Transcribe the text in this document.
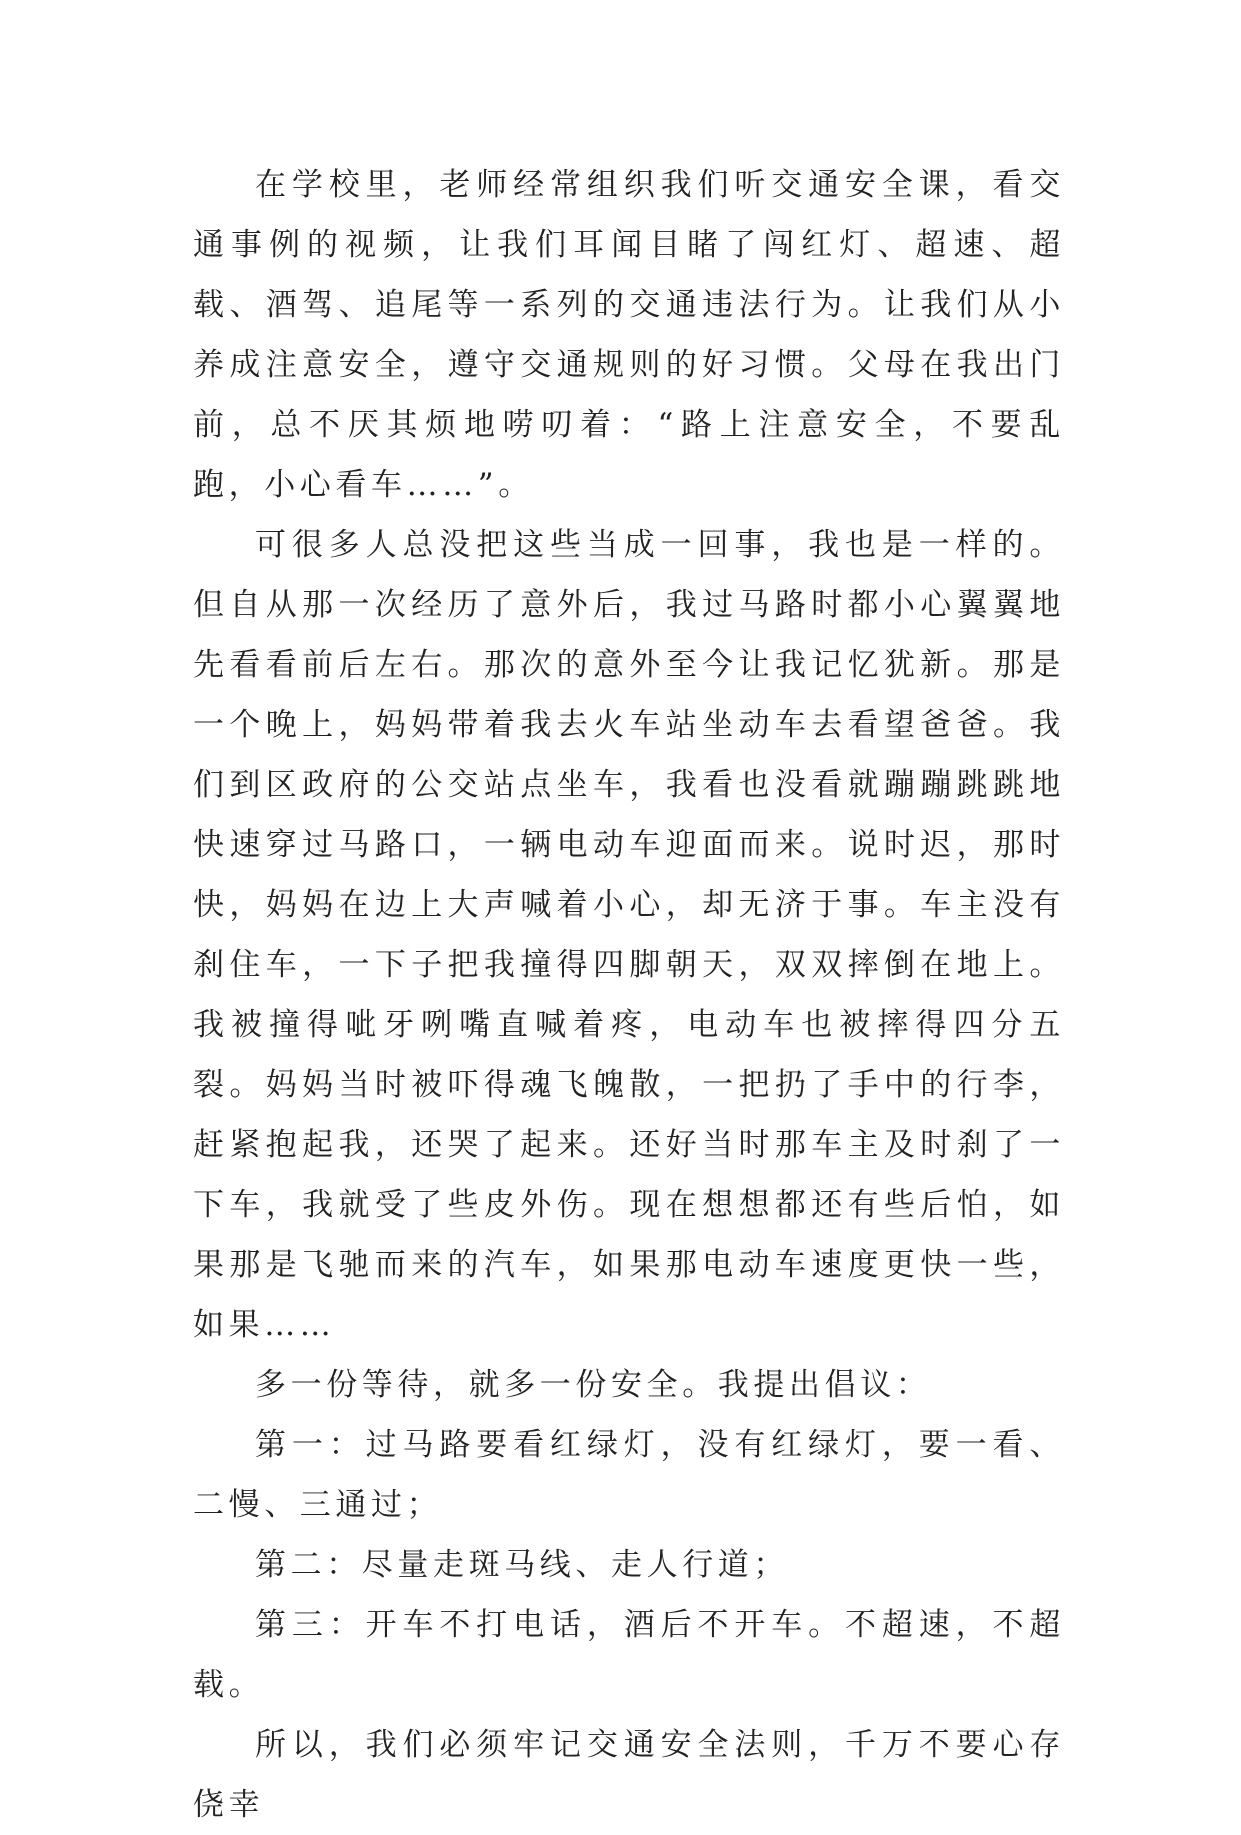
在学校里，老师经常组织我们听交通安全课，看交通事例的视频，让我们耳闻目睹了闯红灯、超速、超载、酒驾、追尾等一系列的交通违法行为。让我们从小养成注意安全，遵守交通规则的好习惯。父母在我出门前，总不厌其烦地唠叨着：“路上注意安全，不要乱跑，小心看车……”。

可很多人总没把这些当成一回事，我也是一样的。但自从那一次经历了意外后，我过马路时都小心翼翼地先看看前后左右。那次的意外至今让我记忆犹新。那是一个晚上，妈妈带着我去火车站坐动车去看望爸爸。我们到区政府的公交站点坐车，我看也没看就蹦蹦跳跳地快速穿过马路口，一辆电动车迎面而来。说时迟，那时快，妈妈在边上大声喊着小心，却无济于事。车主没有刹住车，一下子把我撞得四脚朝天，双双摔倒在地上。我被撞得呲牙咧嘴直喊着疼，电动车也被摔得四分五裂。妈妈当时被吓得魂飞魄散，一把扔了手中的行李，赶紧抱起我，还哭了起来。还好当时那车主及时刹了一下车，我就受了些皮外伤。现在想想都还有些后怕，如果那是飞驰而来的汽车，如果那电动车速度更快一些，如果……

多一份等待，就多一份安全。我提出倡议：

第一：过马路要看红绿灯，没有红绿灯，要一看、二慢、三通过；

第二：尽量走斑马线、走人行道；

第三：开车不打电话，酒后不开车。不超速，不超载。

所以，我们必须牢记交通安全法则，千万不要心存侥幸
